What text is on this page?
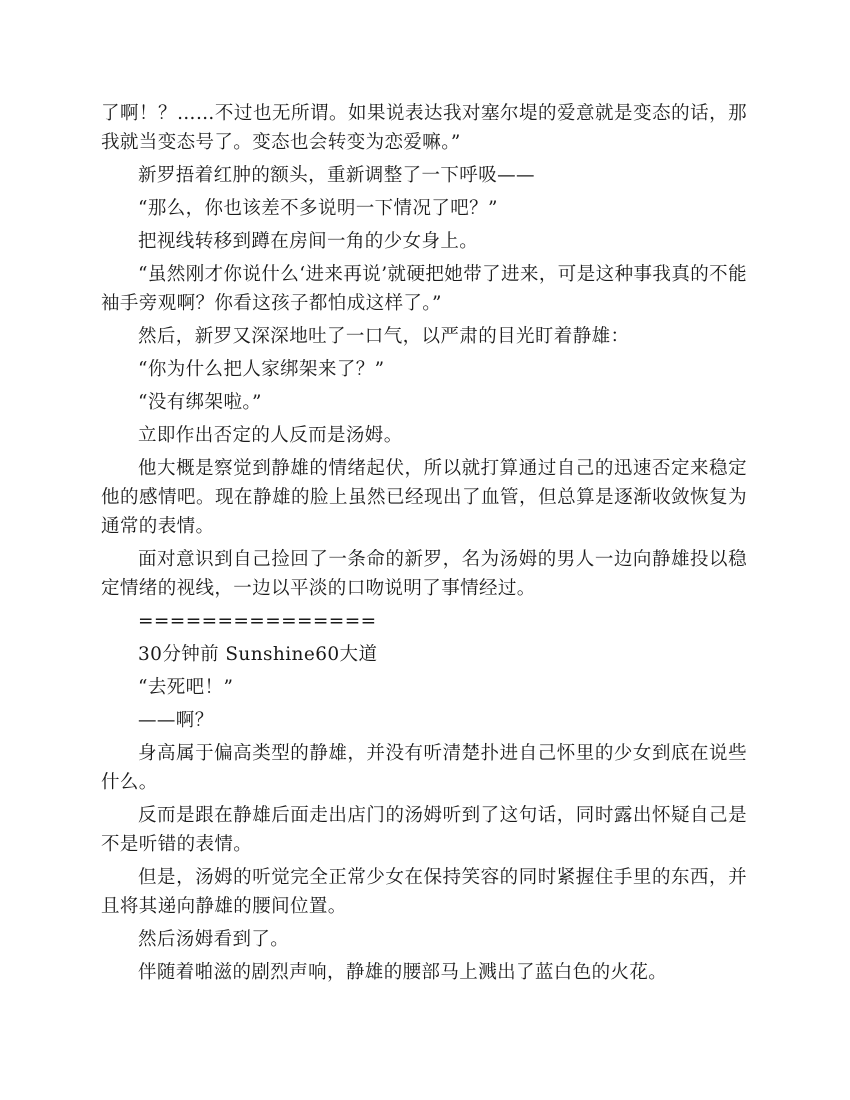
了啊！？……不过也无所谓。如果说表达我对塞尔堤的爱意就是变态的话，那我就当变态号了。变态也会转变为恋爱嘛。”

新罗捂着红肿的额头，重新调整了一下呼吸——

“那么，你也该差不多说明一下情况了吧？”

把视线转移到蹲在房间一角的少女身上。

“虽然刚才你说什么‘进来再说’就硬把她带了进来，可是这种事我真的不能袖手旁观啊？你看这孩子都怕成这样了。”

然后，新罗又深深地吐了一口气，以严肃的目光盯着静雄：

“你为什么把人家绑架来了？”

“没有绑架啦。”

立即作出否定的人反而是汤姆。

他大概是察觉到静雄的情绪起伏，所以就打算通过自己的迅速否定来稳定他的感情吧。现在静雄的脸上虽然已经现出了血管，但总算是逐渐收敛恢复为通常的表情。

面对意识到自己捡回了一条命的新罗，名为汤姆的男人一边向静雄投以稳定情绪的视线，一边以平淡的口吻说明了事情经过。

===============

30分钟前 Sunshine60大道

“去死吧！”

——啊？

身高属于偏高类型的静雄，并没有听清楚扑进自己怀里的少女到底在说些什么。

反而是跟在静雄后面走出店门的汤姆听到了这句话，同时露出怀疑自己是不是听错的表情。

但是，汤姆的听觉完全正常少女在保持笑容的同时紧握住手里的东西，并且将其递向静雄的腰间位置。

然后汤姆看到了。

伴随着啪滋的剧烈声响，静雄的腰部马上溅出了蓝白色的火花。
